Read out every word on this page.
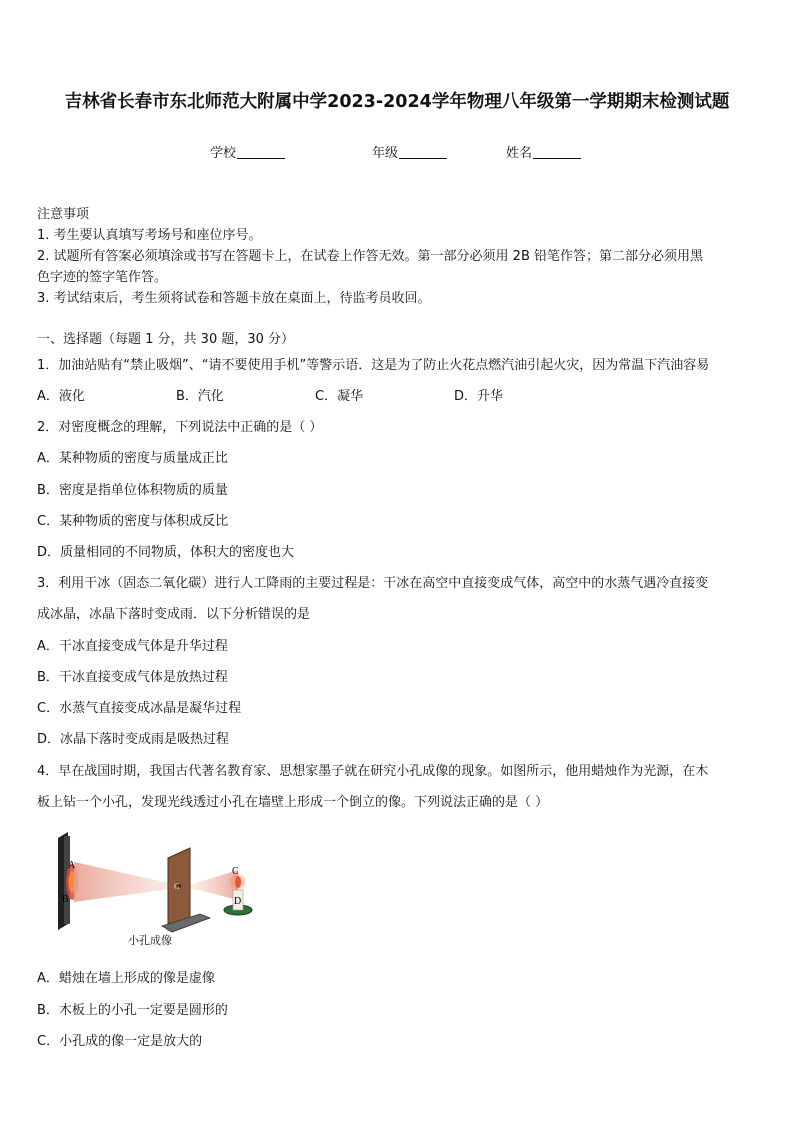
吉林省长春市东北师范大附属中学2023-2024学年物理八年级第一学期期末检测试题
学校	年级	姓名
注意事项
1. 考生要认真填写考场号和座位序号。
2. 试题所有答案必须填涂或书写在答题卡上，在试卷上作答无效。第一部分必须用 2B 铅笔作答；第二部分必须用黑
色字迹的签字笔作答。
3. 考试结束后，考生须将试卷和答题卡放在桌面上，待监考员收回。
一、选择题（每题 1 分，共 30 题，30 分）
1．加油站贴有“禁止吸烟”、“请不要使用手机”等警示语．这是为了防止火花点燃汽油引起火灾，因为常温下汽油容易
A．液化	B．汽化	C．凝华	D．升华
2．对密度概念的理解，下列说法中正确的是（ ）
A．某种物质的密度与质量成正比
B．密度是指单位体积物质的质量
C．某种物质的密度与体积成反比
D．质量相同的不同物质，体积大的密度也大
3．利用干冰（固态二氧化碳）进行人工降雨的主要过程是：干冰在高空中直接变成气体，高空中的水蒸气遇冷直接变
成冰晶，冰晶下落时变成雨．以下分析错误的是
A．干冰直接变成气体是升华过程
B．干冰直接变成气体是放热过程
C．水蒸气直接变成冰晶是凝华过程
D．冰晶下落时变成雨是吸热过程
4．早在战国时期，我国古代著名教育家、思想家墨子就在研究小孔成像的现象。如图所示，他用蜡烛作为光源，在木
板上钻一个小孔，发现光线透过小孔在墙壁上形成一个倒立的像。下列说法正确的是（ ）
A
B
C
D
G
小孔成像
A．蜡烛在墙上形成的像是虚像
B．木板上的小孔一定要是圆形的
C．小孔成的像一定是放大的
